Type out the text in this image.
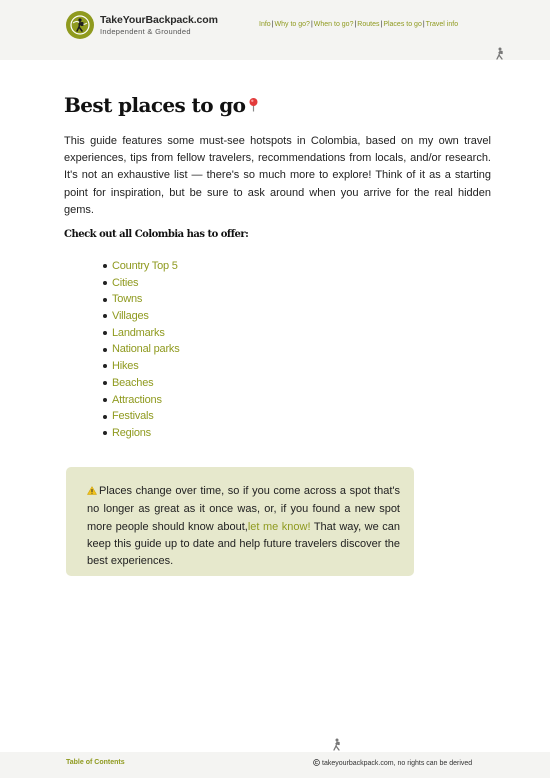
TakeYourBackpack.com
Independent & Grounded
Info | Why to go? | When to go? | Routes | Places to go | Travel info
Best places to go

This guide features some must-see hotspots in Colombia, based on my own travel experiences, tips from fellow travelers, recommendations from locals, and/or research. It's not an exhaustive list — there's so much more to explore! Think of it as a starting point for inspiration, but be sure to ask around when you arrive for the real hidden gems.

Check out all Colombia has to offer:
Country Top 5
Cities
Towns
Villages
Landmarks
National parks
Hikes
Beaches
Attractions
Festivals
Regions
Places change over time, so if you come across a spot that's no longer as great as it once was, or, if you found a new spot more people should know about,let me know! That way, we can keep this guide up to date and help future travelers discover the best experiences.
Table of Contents	takeyourbackpack.com, no rights can be derived
